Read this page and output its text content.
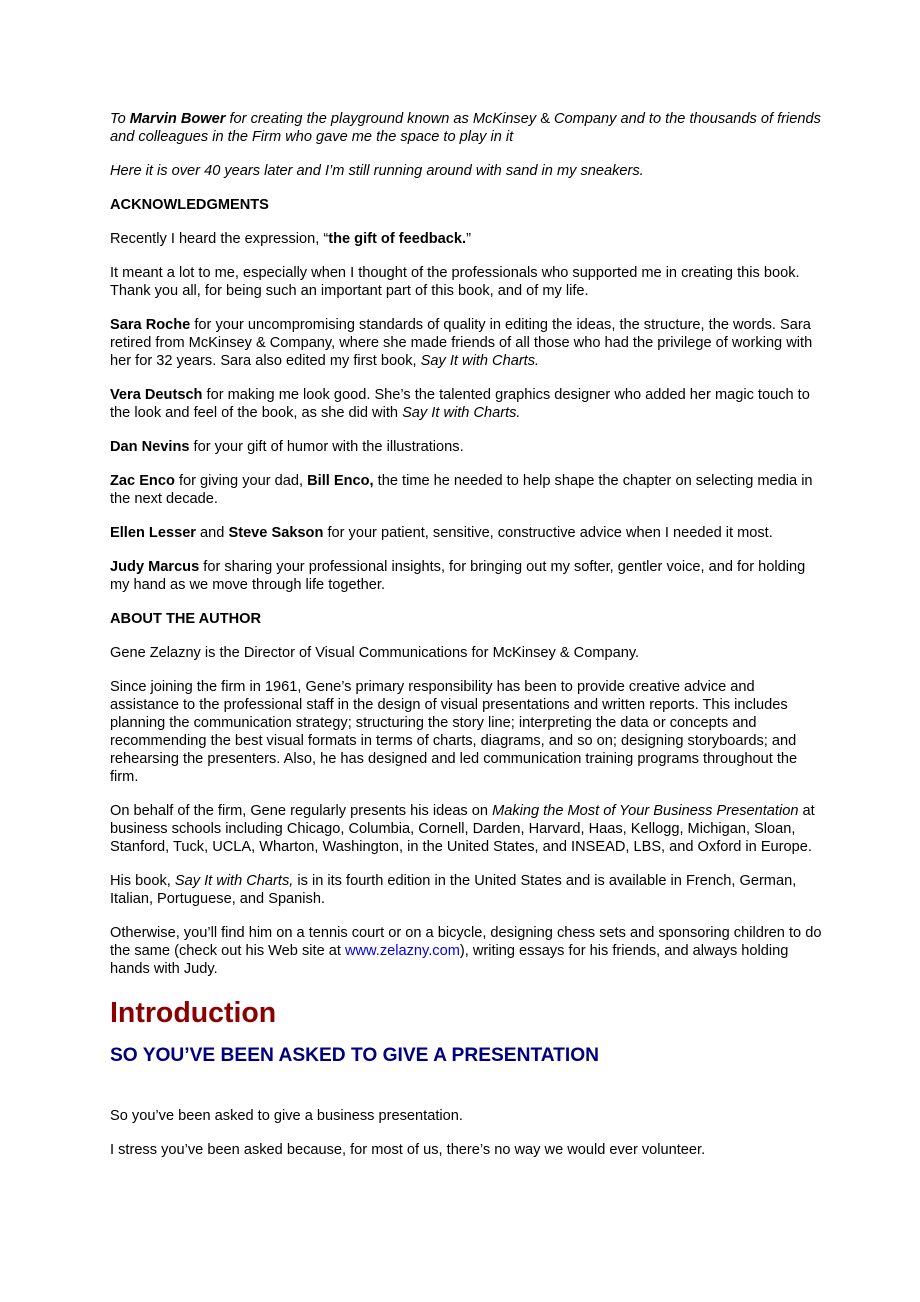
To Marvin Bower for creating the playground known as McKinsey & Company and to the thousands of friends and colleagues in the Firm who gave me the space to play in it

Here it is over 40 years later and I’m still running around with sand in my sneakers.

ACKNOWLEDGMENTS

Recently I heard the expression, “the gift of feedback.”

It meant a lot to me, especially when I thought of the professionals who supported me in creating this book. Thank you all, for being such an important part of this book, and of my life.

Sara Roche for your uncompromising standards of quality in editing the ideas, the structure, the words. Sara retired from McKinsey & Company, where she made friends of all those who had the privilege of working with her for 32 years. Sara also edited my first book, Say It with Charts.

Vera Deutsch for making me look good. She’s the talented graphics designer who added her magic touch to the look and feel of the book, as she did with Say It with Charts.

Dan Nevins for your gift of humor with the illustrations.

Zac Enco for giving your dad, Bill Enco, the time he needed to help shape the chapter on selecting media in the next decade.

Ellen Lesser and Steve Sakson for your patient, sensitive, constructive advice when I needed it most.

Judy Marcus for sharing your professional insights, for bringing out my softer, gentler voice, and for holding my hand as we move through life together.

ABOUT THE AUTHOR

Gene Zelazny is the Director of Visual Communications for McKinsey & Company.

Since joining the firm in 1961, Gene’s primary responsibility has been to provide creative advice and assistance to the professional staff in the design of visual presentations and written reports. This includes planning the communication strategy; structuring the story line; interpreting the data or concepts and recommending the best visual formats in terms of charts, diagrams, and so on; designing storyboards; and rehearsing the presenters. Also, he has designed and led communication training programs throughout the firm.

On behalf of the firm, Gene regularly presents his ideas on Making the Most of Your Business Presentation at business schools including Chicago, Columbia, Cornell, Darden, Harvard, Haas, Kellogg, Michigan, Sloan, Stanford, Tuck, UCLA, Wharton, Washington, in the United States, and INSEAD, LBS, and Oxford in Europe.

His book, Say It with Charts, is in its fourth edition in the United States and is available in French, German, Italian, Portuguese, and Spanish.

Otherwise, you’ll find him on a tennis court or on a bicycle, designing chess sets and sponsoring children to do the same (check out his Web site at www.zelazny.com), writing essays for his friends, and always holding hands with Judy.

Introduction
SO YOU’VE BEEN ASKED TO GIVE A PRESENTATION

So you’ve been asked to give a business presentation.

I stress you’ve been asked because, for most of us, there’s no way we would ever volunteer.
